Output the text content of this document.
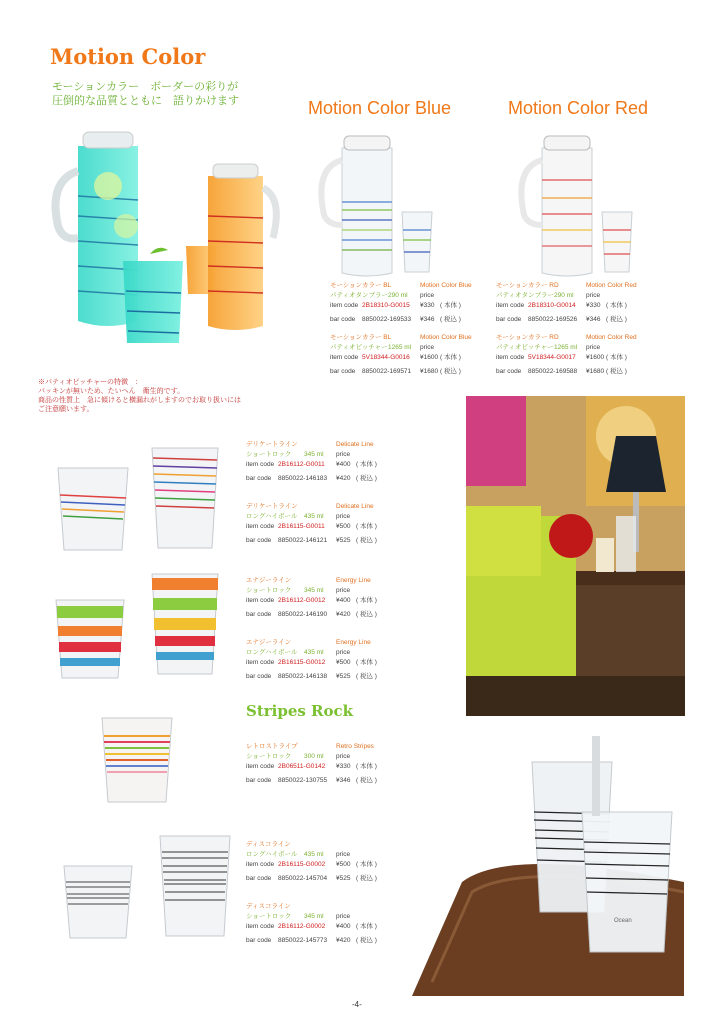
Motion Color
モーションカラー　ボーダーの彩りが
圧倒的な品質とともに　語りかけます	Motion Color Blue	Motion Color Red
※パティオピッチャーの特徴　：
パッキンが無いため、たいへん　衛生的です。
商品の性質上　急に傾けると横漏れがしますのでお取り扱いには
ご注意願います。
モーションカラー BL	Motion Color Blue
パティオタンブラー 290 ml price
item code 2B18310-G0015 ¥330 ( 本体 )
bar code 8850022-169533 ¥346 ( 税込 )
モーションカラー BL	Motion Color Blue
パティオピッチャー 1265 ml price
item code 5V18344-G0016 ¥1600 ( 本体 )
bar code 8850022-169571 ¥1680 ( 税込 )
モーションカラー RD	Motion Color Red
パティオタンブラー 290 ml price
item code 2B18310-G0014 ¥330 ( 本体 )
bar code 8850022-169526 ¥346 ( 税込 )
モーションカラー RD	Motion Color Red
パティオピッチャー 1265 ml price
item code 5V18344-G0017 ¥1600 ( 本体 )
bar code 8850022-169588 ¥1680 ( 税込 )
デリケートライン	Delicate Line
ショートロック 345 ml price
item code 2B16112-G0011 ¥400 ( 本体 )
bar code 8850022-146183 ¥420 ( 税込 )
デリケートライン	Delicate Line
ロングハイボール 435 ml price
item code 2B16115-G0011 ¥500 ( 本体 )
bar code 8850022-146121 ¥525 ( 税込 )
エナジーライン	Energy Line
ショートロック 345 ml price
item code 2B16112-G0012 ¥400 ( 本体 )
bar code 8850022-146190 ¥420 ( 税込 )
エナジーライン	Energy Line
ロングハイボール 435 ml price
item code 2B16115-G0012 ¥500 ( 本体 )
bar code 8850022-146138 ¥525 ( 税込 )
レトロストライプ	Retro Stripes
ショートロック 300 ml price
item code 2B06511-G0142 ¥330 ( 本体 )
bar code 8850022-130755 ¥346 ( 税込 )
ディスコライン
ロングハイボール 435 ml price
item code 2B16115-G0002 ¥500 ( 本体 )
bar code 8850022-145704 ¥525 ( 税込 )
ディスコライン
ショートロック 345 ml price
item code 2B16112-G0002 ¥400 ( 本体 )
bar code 8850022-145773 ¥420 ( 税込 )
Stripes Rock
Ocean
-4-
